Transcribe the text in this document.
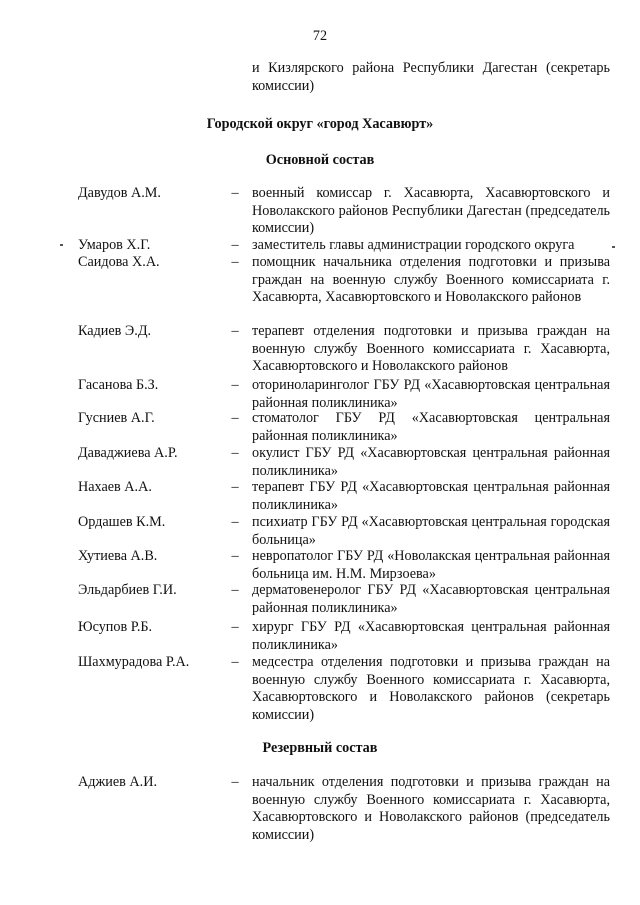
72
и Кизлярского района Республики Дагестан (секретарь комиссии)
Городской округ «город Хасавюрт»
Основной состав
Давудов А.М.	– военный комиссар г. Хасавюрта, Хасавюртовского и Новолакского районов Республики Дагестан (председатель комиссии)
Умаров Х.Г.	– заместитель главы администрации городского округа
Саидова Х.А.	– помощник начальника отделения подготовки и призыва граждан на военную службу Военного комиссариата г. Хасавюрта, Хасавюртовского и Новолакского районов
Кадиев Э.Д.	– терапевт отделения подготовки и призыва граждан на военную службу Военного комиссариата г. Хасавюрта, Хасавюртовского и Новолакского районов
Гасанова Б.З.	– оториноларинголог ГБУ РД «Хасавюртовская центральная районная поликлиника»
Гусниев А.Г.	– стоматолог ГБУ РД «Хасавюртовская центральная районная поликлиника»
Даваджиева А.Р.	– окулист ГБУ РД «Хасавюртовская центральная районная поликлиника»
Нахаев А.А.	– терапевт ГБУ РД «Хасавюртовская центральная районная поликлиника»
Ордашев К.М.	– психиатр ГБУ РД «Хасавюртовская центральная городская больница»
Хутиева А.В.	– невропатолог ГБУ РД «Новолакская центральная районная больница им. Н.М. Мирзоева»
Эльдарбиев Г.И.	– дерматовенеролог ГБУ РД «Хасавюртовская центральная районная поликлиника»
Юсупов Р.Б.	– хирург ГБУ РД «Хасавюртовская центральная районная поликлиника»
Шахмурадова Р.А.	– медсестра отделения подготовки и призыва граждан на военную службу Военного комиссариата г. Хасавюрта, Хасавюртовского и Новолакского районов (секретарь комиссии)
Резервный состав
Аджиев А.И.	– начальник отделения подготовки и призыва граждан на военную службу Военного комиссариата г. Хасавюрта, Хасавюртовского и Новолакского районов (председатель комиссии)
